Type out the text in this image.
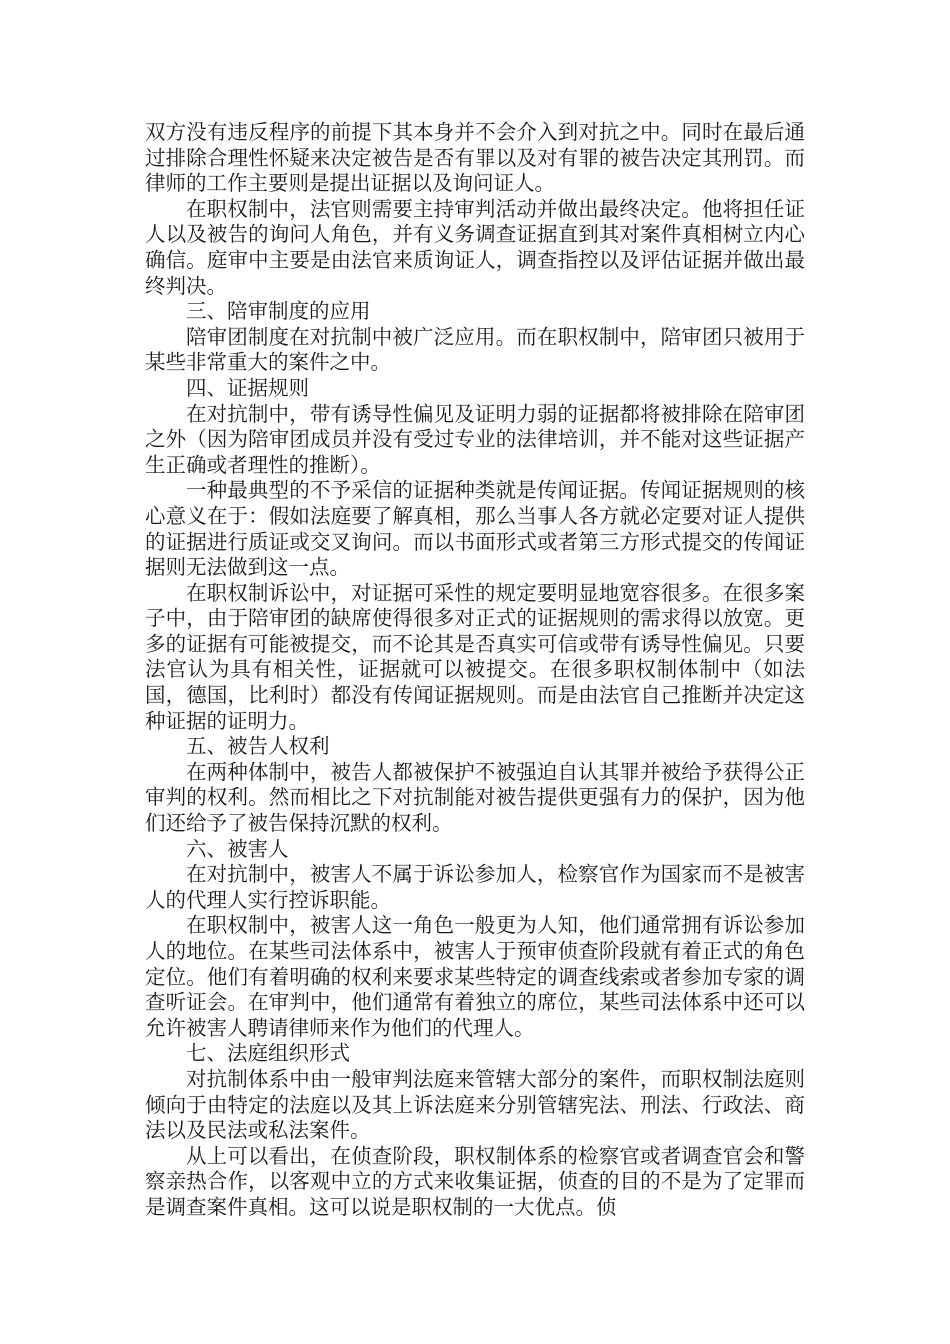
双方没有违反程序的前提下其本身并不会介入到对抗之中。同时在最后通过排除合理性怀疑来决定被告是否有罪以及对有罪的被告决定其刑罚。而律师的工作主要则是提出证据以及询问证人。

在职权制中，法官则需要主持审判活动并做出最终决定。他将担任证人以及被告的询问人角色，并有义务调查证据直到其对案件真相树立内心确信。庭审中主要是由法官来质询证人，调查指控以及评估证据并做出最终判决。

三、陪审制度的应用

陪审团制度在对抗制中被广泛应用。而在职权制中，陪审团只被用于某些非常重大的案件之中。

四、证据规则

在对抗制中，带有诱导性偏见及证明力弱的证据都将被排除在陪审团之外（因为陪审团成员并没有受过专业的法律培训，并不能对这些证据产生正确或者理性的推断）。

一种最典型的不予采信的证据种类就是传闻证据。传闻证据规则的核心意义在于：假如法庭要了解真相，那么当事人各方就必定要对证人提供的证据进行质证或交叉询问。而以书面形式或者第三方形式提交的传闻证据则无法做到这一点。

在职权制诉讼中，对证据可采性的规定要明显地宽容很多。在很多案子中，由于陪审团的缺席使得很多对正式的证据规则的需求得以放宽。更多的证据有可能被提交，而不论其是否真实可信或带有诱导性偏见。只要法官认为具有相关性，证据就可以被提交。在很多职权制体制中（如法国，德国，比利时）都没有传闻证据规则。而是由法官自己推断并决定这种证据的证明力。

五、被告人权利

在两种体制中，被告人都被保护不被强迫自认其罪并被给予获得公正审判的权利。然而相比之下对抗制能对被告提供更强有力的保护，因为他们还给予了被告保持沉默的权利。

六、被害人

在对抗制中，被害人不属于诉讼参加人，检察官作为国家而不是被害人的代理人实行控诉职能。

在职权制中，被害人这一角色一般更为人知，他们通常拥有诉讼参加人的地位。在某些司法体系中，被害人于预审侦查阶段就有着正式的角色定位。他们有着明确的权利来要求某些特定的调查线索或者参加专家的调查听证会。在审判中，他们通常有着独立的席位，某些司法体系中还可以允许被害人聘请律师来作为他们的代理人。

七、法庭组织形式

对抗制体系中由一般审判法庭来管辖大部分的案件，而职权制法庭则倾向于由特定的法庭以及其上诉法庭来分别管辖宪法、刑法、行政法、商法以及民法或私法案件。

从上可以看出，在侦查阶段，职权制体系的检察官或者调查官会和警察亲热合作，以客观中立的方式来收集证据，侦查的目的不是为了定罪而是调查案件真相。这可以说是职权制的一大优点。侦
